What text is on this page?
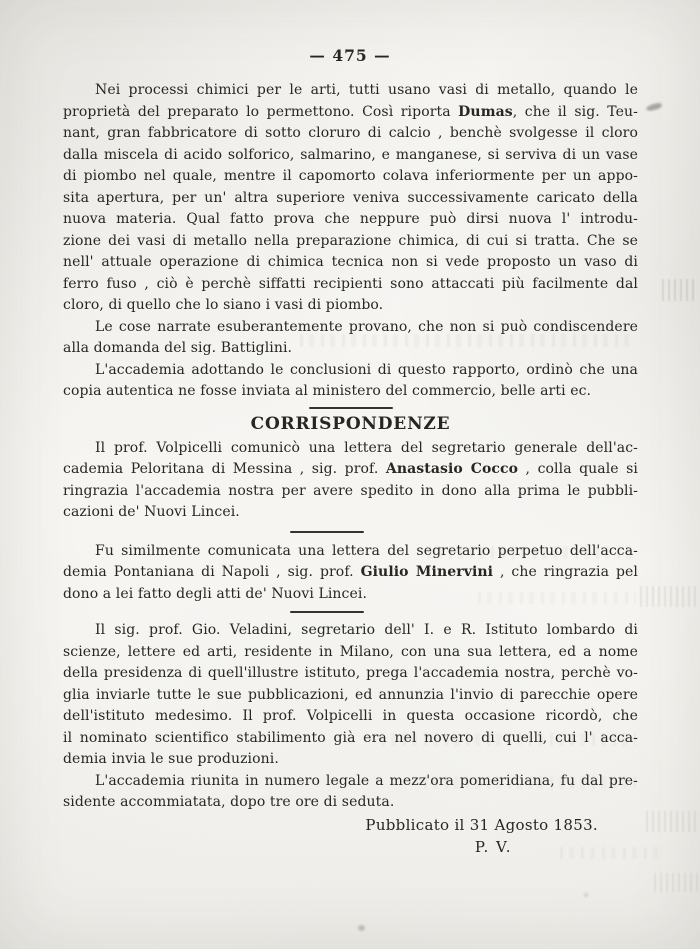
— 475 —
Nei processi chimici per le arti, tutti usano vasi di metallo, quando le
proprietà del preparato lo permettono. Così riporta Dumas, che il sig. Teu-
nant, gran fabbricatore di sotto cloruro di calcio , benchè svolgesse il cloro
dalla miscela di acido solforico, salmarino, e manganese, si serviva di un vase
di piombo nel quale, mentre il capomorto colava inferiormente per un appo-
sita apertura, per un' altra superiore veniva successivamente caricato della
nuova materia. Qual fatto prova che neppure può dirsi nuova l' introdu-
zione dei vasi di metallo nella preparazione chimica, di cui si tratta. Che se
nell' attuale operazione di chimica tecnica non si vede proposto un vaso di
ferro fuso , ciò è perchè siffatti recipienti sono attaccati più facilmente dal
cloro, di quello che lo siano i vasi di piombo.
Le cose narrate esuberantemente provano, che non si può condiscendere
alla domanda del sig. Battiglini.
L'accademia adottando le conclusioni di questo rapporto, ordinò che una
copia autentica ne fosse inviata al ministero del commercio, belle arti ec.
CORRISPONDENZE
Il prof. Volpicelli comunicò una lettera del segretario generale dell'ac-
cademia Peloritana di Messina , sig. prof. Anastasio Cocco , colla quale si
ringrazia l'accademia nostra per avere spedito in dono alla prima le pubbli-
cazioni de' Nuovi Lincei.
Fu similmente comunicata una lettera del segretario perpetuo dell'acca-
demia Pontaniana di Napoli , sig. prof. Giulio Minervini , che ringrazia pel
dono a lei fatto degli atti de' Nuovi Lincei.
Il sig. prof. Gio. Veladini, segretario dell' I. e R. Istituto lombardo di
scienze, lettere ed arti, residente in Milano, con una sua lettera, ed a nome
della presidenza di quell'illustre istituto, prega l'accademia nostra, perchè vo-
glia inviarle tutte le sue pubblicazioni, ed annunzia l'invio di parecchie opere
dell'istituto medesimo. Il prof. Volpicelli in questa occasione ricordò, che
il nominato scientifico stabilimento già era nel novero di quelli, cui l' acca-
demia invia le sue produzioni.
L'accademia riunita in numero legale a mezz'ora pomeridiana, fu dal pre-
sidente accommiatata, dopo tre ore di seduta.
Pubblicato il 31 Agosto 1853.
P. V.
